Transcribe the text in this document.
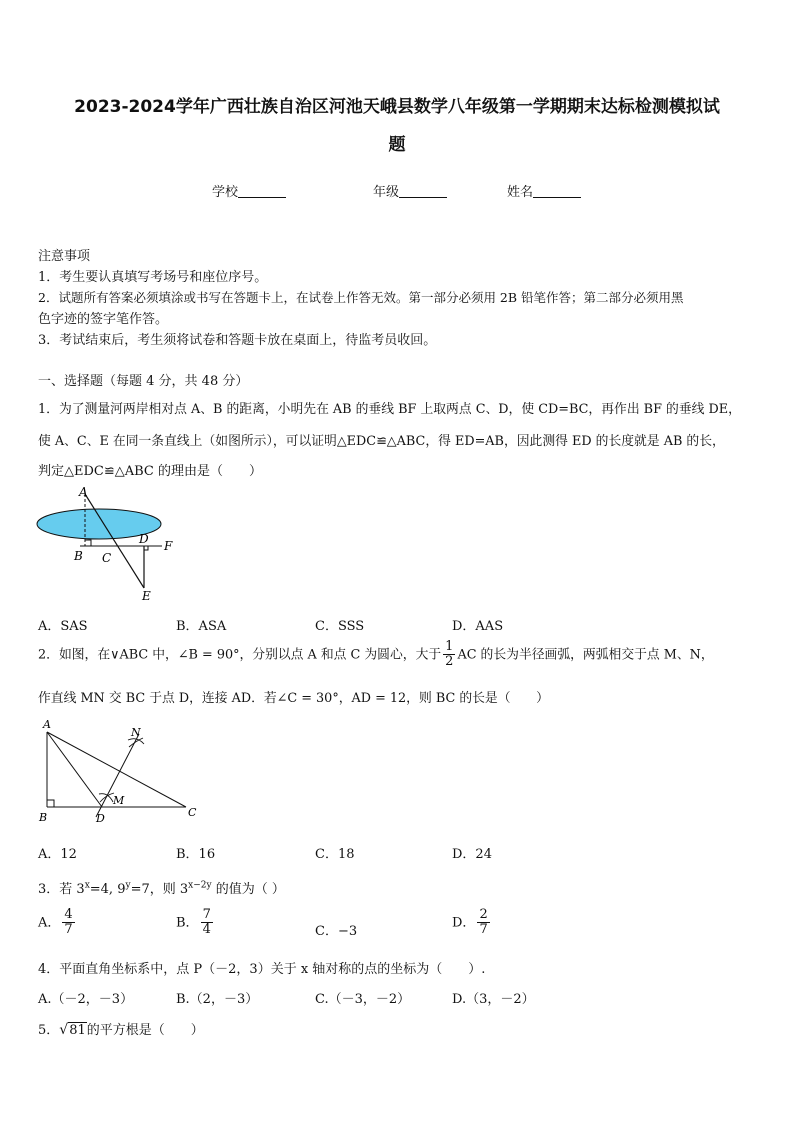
2023-2024学年广西壮族自治区河池天峨县数学八年级第一学期期末达标检测模拟试
题
学校	年级	姓名
注意事项
1．考生要认真填写考场号和座位序号。
2．试题所有答案必须填涂或书写在答题卡上，在试卷上作答无效。第一部分必须用 2B 铅笔作答；第二部分必须用黑
色字迹的签字笔作答。
3．考试结束后，考生须将试卷和答题卡放在桌面上，待监考员收回。
一、选择题（每题 4 分，共 48 分）
1．为了测量河两岸相对点 A、B 的距离，小明先在 AB 的垂线 BF 上取两点 C、D，使 CD=BC，再作出 BF 的垂线 DE，
使 A、C、E 在同一条直线上（如图所示），可以证明△EDC≌△ABC，得 ED=AB，因此测得 ED 的长度就是 AB 的长，
判定△EDC≌△ABC 的理由是（　　）
A
B C
D F
E
A．SAS	B．ASA	C．SSS	D．AAS
2．如图，在∨ABC 中，∠B = 90°，分别以点 A 和点 C 为圆心，大于 $\frac{1}{2}$ AC 的长为半径画弧，两弧相交于点 M、N，
作直线 MN 交 BC 于点 D，连接 AD．若∠C = 30°，AD = 12，则 BC 的长是（　　）
A
B	C
D
M
N
A．12	B．16	C．18	D．24
3．若 $3^x=4$, $9^y=7$，则 $3^{x-2y}$ 的值为（ ）
A． $\frac{4}{7}$	B． $\frac{7}{4}$	C．−3
D． $\frac{2}{7}$
4．平面直角坐标系中，点 P（－2，3）关于 x 轴对称的点的坐标为（　　）.
A.（－2，－3）	B.（2，－3）	C.（－3，－2）	D.（3，－2）
5．√81的平方根是（　　）
